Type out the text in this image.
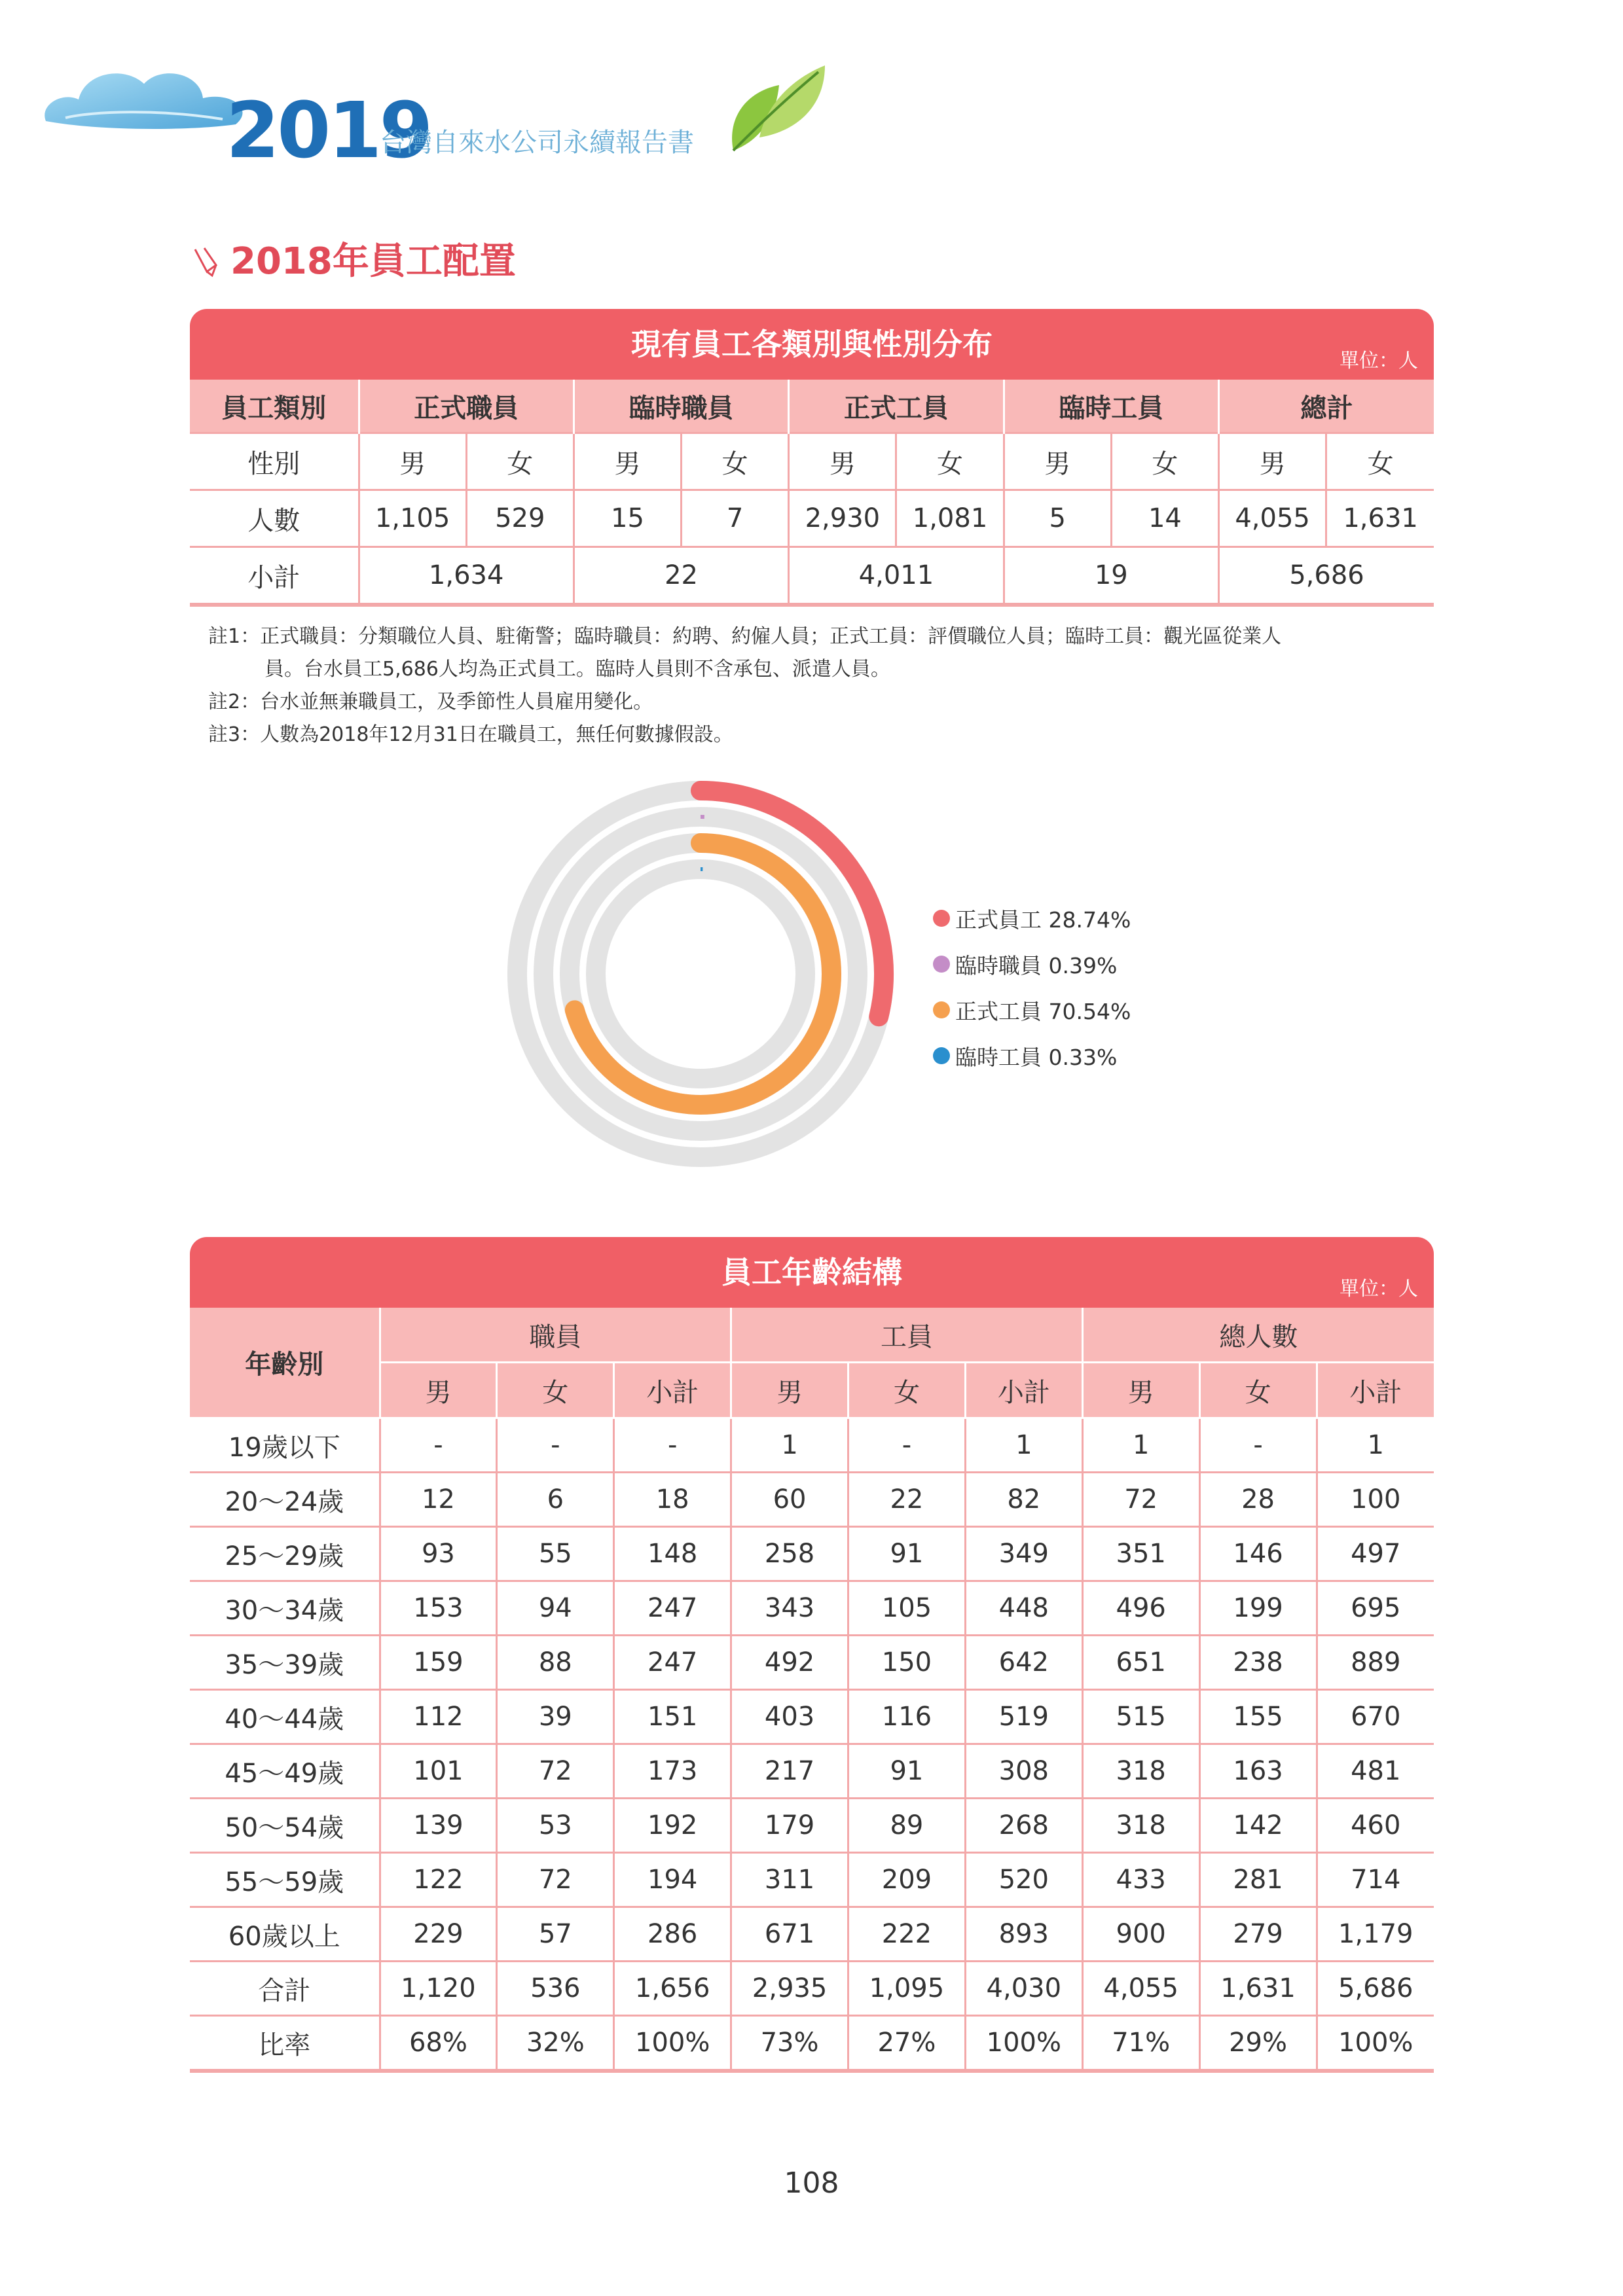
2019
台灣自來水公司永續報告書
2018年員工配置
現有員工各類別與性別分布	單位：人
員工類別	正式職員		臨時職員		正式工員		臨時工員		總計	
性別	男	女	男	女	男	女	男	女	男	女
人數	1,105	529	15	7	2,930	1,081	5	14	4,055	1,631
小計	1,634		22		4,011		19		5,686	
註1：正式職員：分類職位人員、駐衛警；臨時職員：約聘、約僱人員；正式工員：評價職位人員；臨時工員：觀光區從業人
員。台水員工5,686人均為正式員工。臨時人員則不含承包、派遣人員。
註2：台水並無兼職員工，及季節性人員雇用變化。
註3：人數為2018年12月31日在職員工，無任何數據假設。
正式員工 28.74%
臨時職員 0.39%
正式工員 70.54%
臨時工員 0.33%
員工年齡結構	單位：人
年齡別	職員			工員			總人數		
	男	女	小計	男	女	小計	男	女	小計
19歲以下	-	-	-	1	-	1	1	-	1
20～24歲	12	6	18	60	22	82	72	28	100
25～29歲	93	55	148	258	91	349	351	146	497
30～34歲	153	94	247	343	105	448	496	199	695
35～39歲	159	88	247	492	150	642	651	238	889
40～44歲	112	39	151	403	116	519	515	155	670
45～49歲	101	72	173	217	91	308	318	163	481
50～54歲	139	53	192	179	89	268	318	142	460
55～59歲	122	72	194	311	209	520	433	281	714
60歲以上	229	57	286	671	222	893	900	279	1,179
合計	1,120	536	1,656	2,935	1,095	4,030	4,055	1,631	5,686
比率	68%	32%	100%	73%	27%	100%	71%	29%	100%
108
